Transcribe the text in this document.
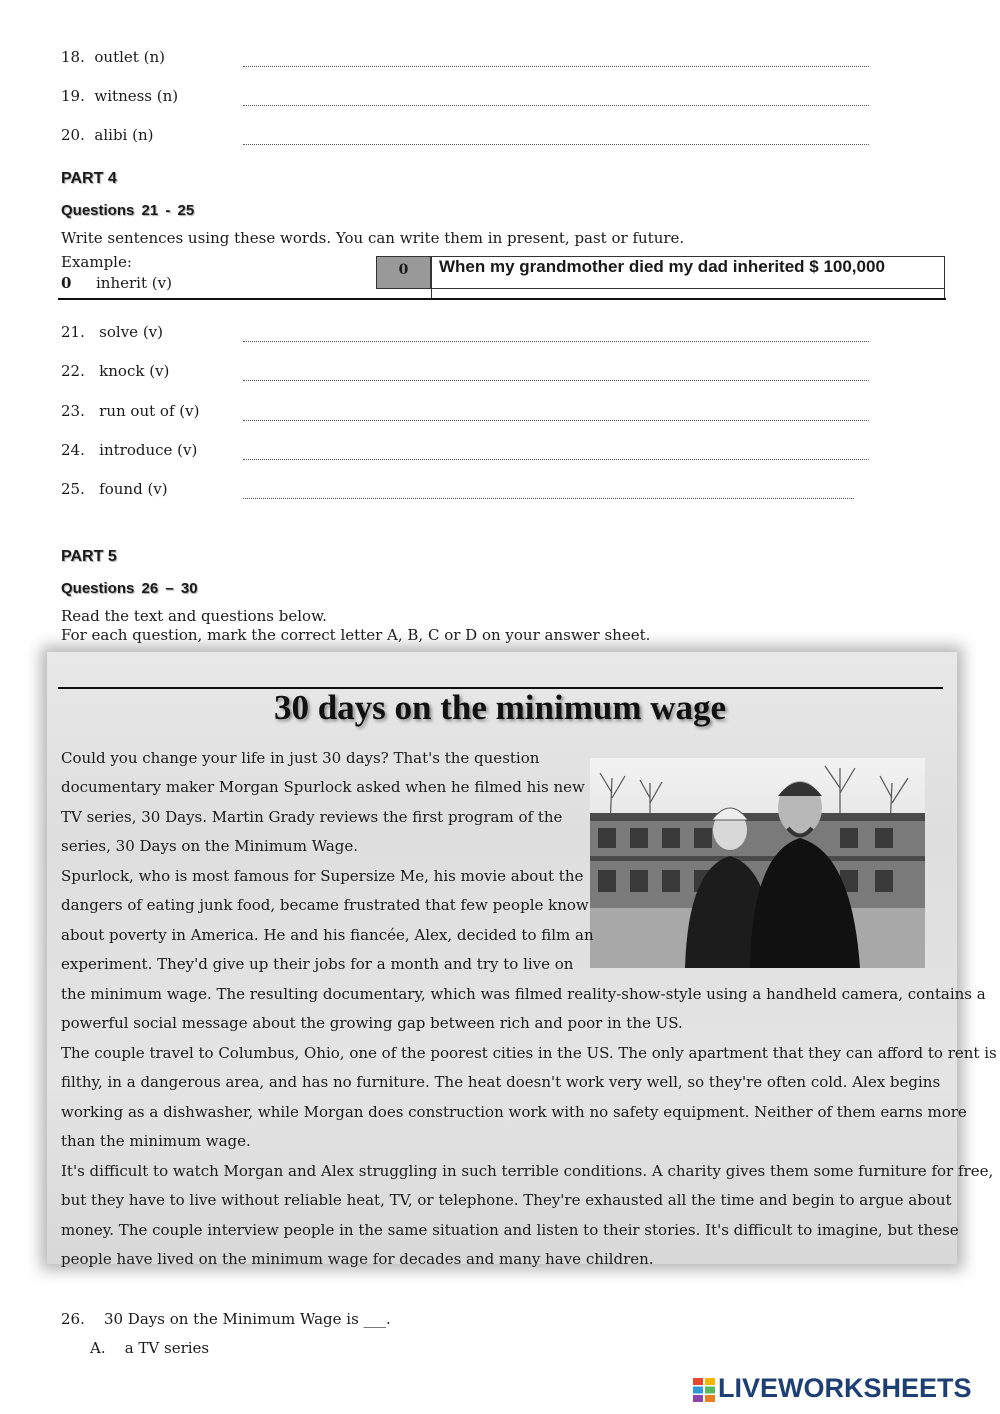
18. outlet (n)
19. witness (n)
20. alibi (n)
PART 4
Questions 21 - 25
Write sentences using these words. You can write them in present, past or future.
Example:
0 inherit (v)
0	When my grandmother died my dad inherited $ 100,000
21. solve (v)
22. knock (v)
23. run out of (v)
24. introduce (v)
25. found (v)
PART 5
Questions 26 – 30
Read the text and questions below.
For each question, mark the correct letter A, B, C or D on your answer sheet.
30 days on the minimum wage
Could you change your life in just 30 days? That's the question
documentary maker Morgan Spurlock asked when he filmed his new
TV series, 30 Days. Martin Grady reviews the first program of the
series, 30 Days on the Minimum Wage.
Spurlock, who is most famous for Supersize Me, his movie about the
dangers of eating junk food, became frustrated that few people know
about poverty in America. He and his fiancée, Alex, decided to film an
experiment. They'd give up their jobs for a month and try to live on
the minimum wage. The resulting documentary, which was filmed reality-show-style using a handheld camera, contains a
powerful social message about the growing gap between rich and poor in the US.
The couple travel to Columbus, Ohio, one of the poorest cities in the US. The only apartment that they can afford to rent is
filthy, in a dangerous area, and has no furniture. The heat doesn't work very well, so they're often cold. Alex begins
working as a dishwasher, while Morgan does construction work with no safety equipment. Neither of them earns more
than the minimum wage.
It's difficult to watch Morgan and Alex struggling in such terrible conditions. A charity gives them some furniture for free,
but they have to live without reliable heat, TV, or telephone. They're exhausted all the time and begin to argue about
money. The couple interview people in the same situation and listen to their stories. It's difficult to imagine, but these
people have lived on the minimum wage for decades and many have children.
26. 30 Days on the Minimum Wage is ___.
A. a TV series
LIVEWORKSHEETS
